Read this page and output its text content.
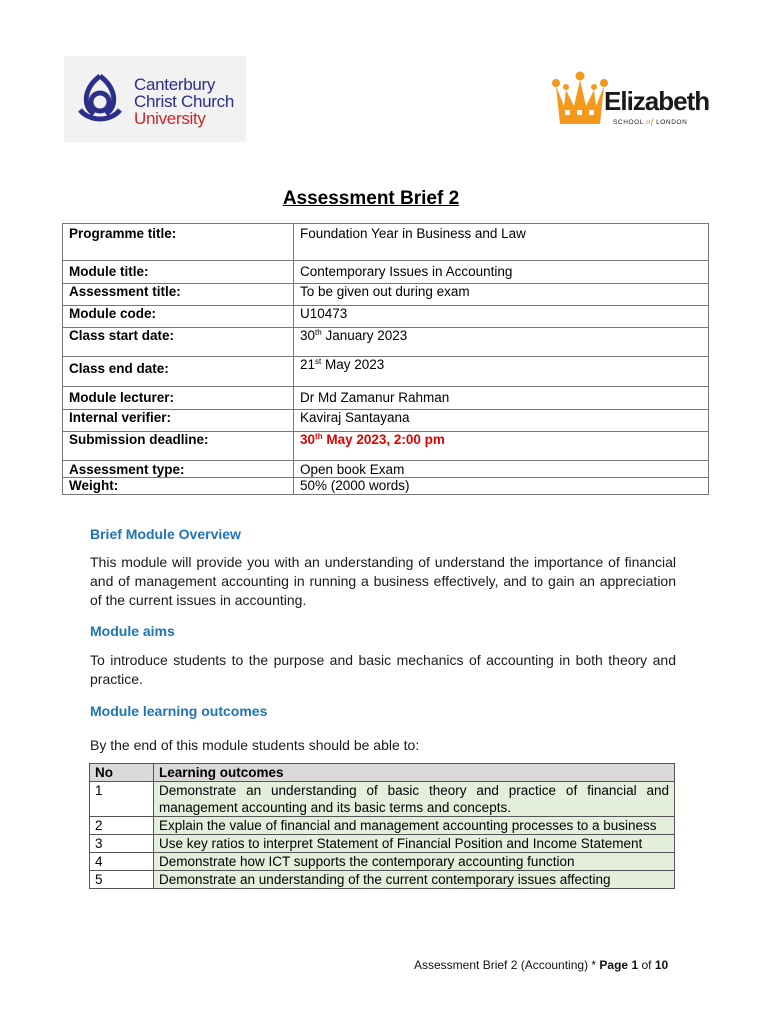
Canterbury
Christ Church
University
Elizabeth
SCHOOL of LONDON
Assessment Brief 2
Programme title:	Foundation Year in Business and Law
Module title:	Contemporary Issues in Accounting
Assessment title:	To be given out during exam
Module code:	U10473
Class start date:	30th January 2023
Class end date:	21st May 2023
Module lecturer:	Dr Md Zamanur Rahman
Internal verifier:	Kaviraj Santayana
Submission deadline:	30th May 2023, 2:00 pm
Assessment type:	Open book Exam
Weight:	50% (2000 words)
Brief Module Overview
This module will provide you with an understanding of understand the importance of financial and of management accounting in running a business effectively, and to gain an appreciation of the current issues in accounting.
Module aims
To introduce students to the purpose and basic mechanics of accounting in both theory and practice.
Module learning outcomes
By the end of this module students should be able to:
No	Learning outcomes
1	Demonstrate an understanding of basic theory and practice of financial and management accounting and its basic terms and concepts.
2	Explain the value of financial and management accounting processes to a business
3	Use key ratios to interpret Statement of Financial Position and Income Statement
4	Demonstrate how ICT supports the contemporary accounting function
5	Demonstrate an understanding of the current contemporary issues affecting
Assessment Brief 2 (Accounting) * Page 1 of 10
